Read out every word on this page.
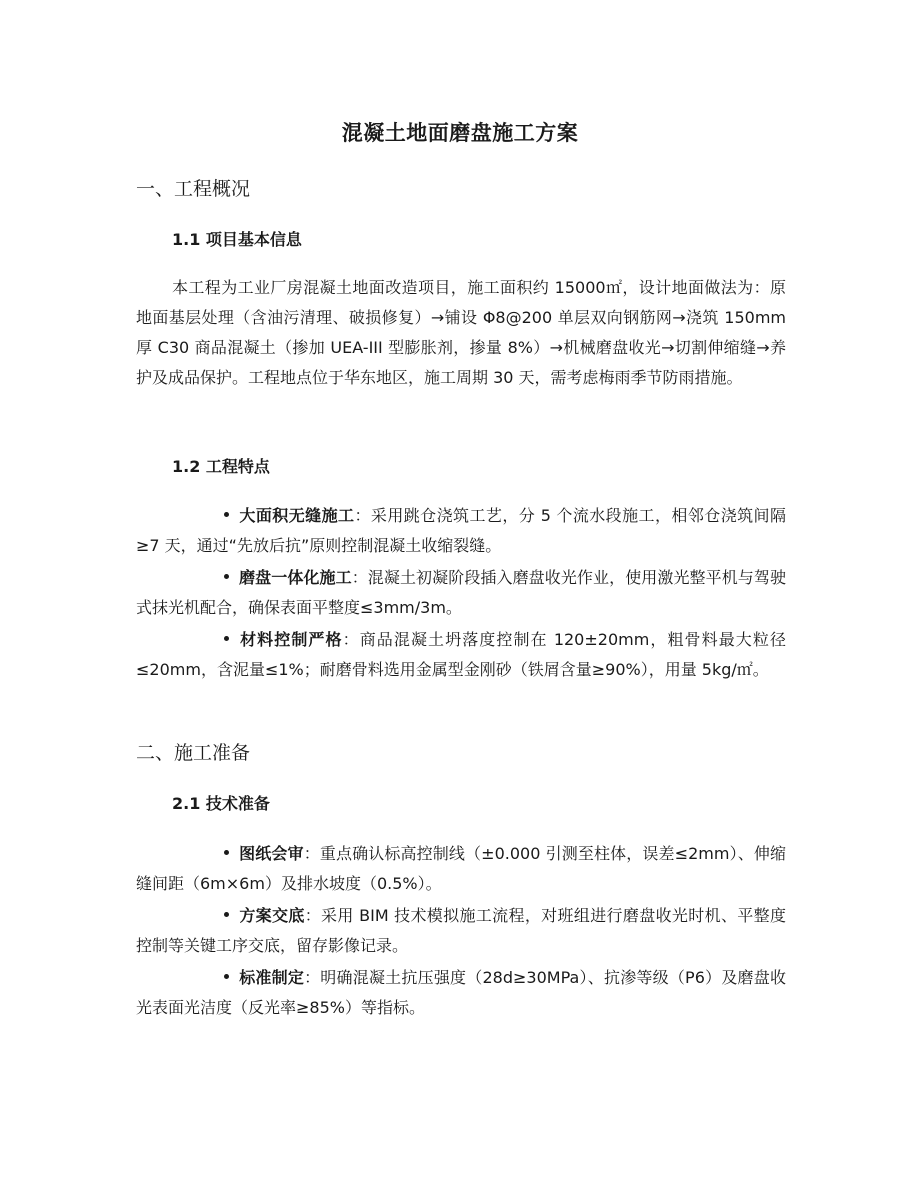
混凝土地面磨盘施工方案
一、工程概况
1.1 项目基本信息
本工程为工业厂房混凝土地面改造项目，施工面积约 15000㎡，设计地面做法为：原地面基层处理（含油污清理、破损修复）→铺设 Φ8@200 单层双向钢筋网→浇筑 150mm 厚 C30 商品混凝土（掺加 UEA-III 型膨胀剂，掺量 8%）→机械磨盘收光→切割伸缩缝→养护及成品保护。工程地点位于华东地区，施工周期 30 天，需考虑梅雨季节防雨措施。
1.2 工程特点
大面积无缝施工：采用跳仓浇筑工艺，分 5 个流水段施工，相邻仓浇筑间隔≥7 天，通过“先放后抗”原则控制混凝土收缩裂缝。
磨盘一体化施工：混凝土初凝阶段插入磨盘收光作业，使用激光整平机与驾驶式抹光机配合，确保表面平整度≤3mm/3m。
材料控制严格：商品混凝土坍落度控制在 120±20mm，粗骨料最大粒径≤20mm，含泥量≤1%；耐磨骨料选用金属型金刚砂（铁屑含量≥90%），用量 5kg/㎡。
二、施工准备
2.1 技术准备
图纸会审：重点确认标高控制线（±0.000 引测至柱体，误差≤2mm）、伸缩缝间距（6m×6m）及排水坡度（0.5%）。
方案交底：采用 BIM 技术模拟施工流程，对班组进行磨盘收光时机、平整度控制等关键工序交底，留存影像记录。
标准制定：明确混凝土抗压强度（28d≥30MPa）、抗渗等级（P6）及磨盘收光表面光洁度（反光率≥85%）等指标。
